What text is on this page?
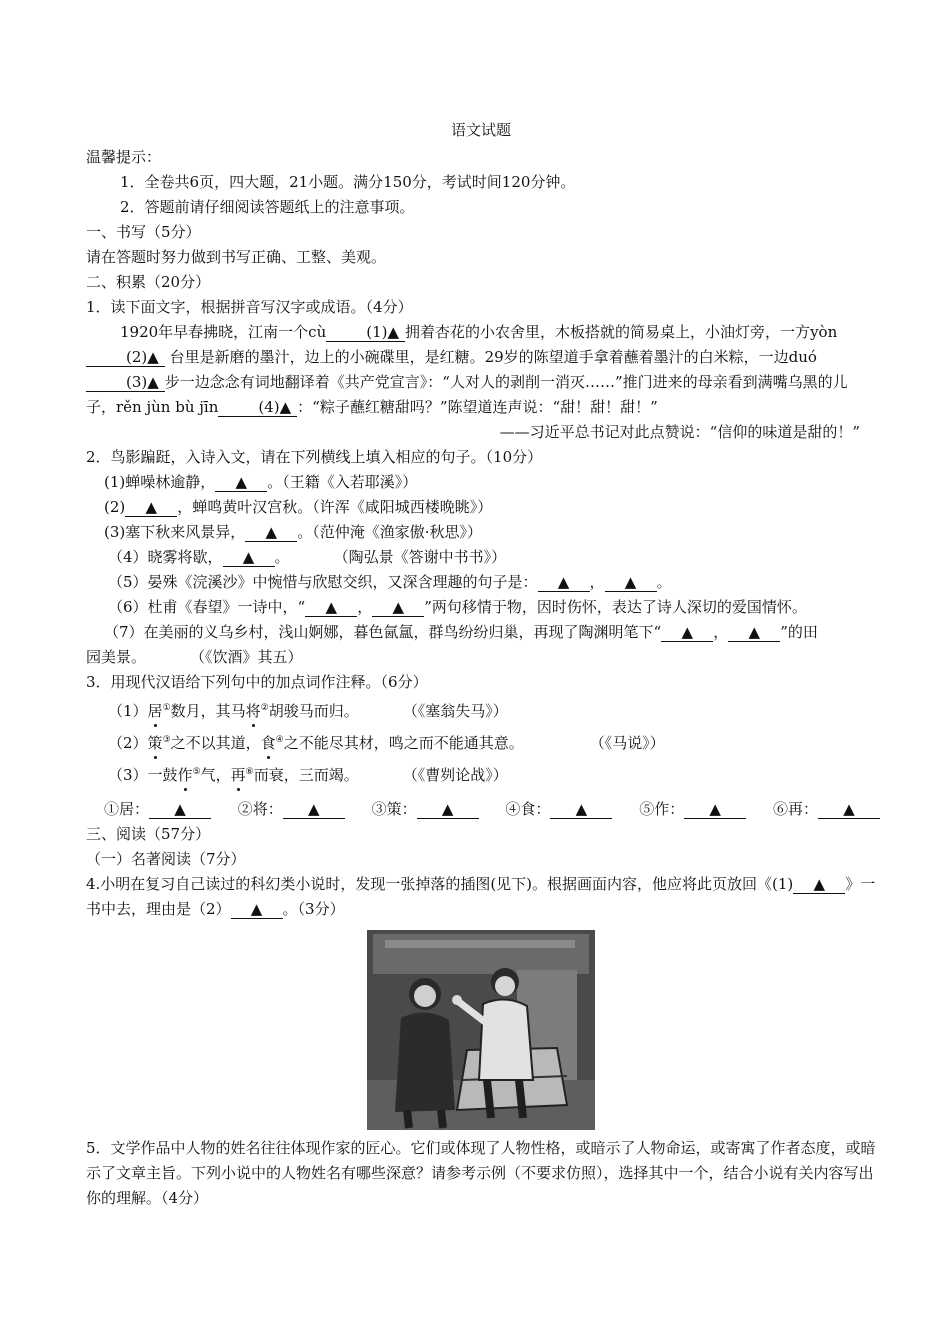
语文试题
温馨提示：
1．全卷共6页，四大题，21小题。满分150分，考试时间120分钟。
2．答题前请仔细阅读答题纸上的注意事项。
一、书写（5分）
请在答题时努力做到书写正确、工整、美观。
二、积累（20分）
1．读下面文字，根据拼音写汉字或成语。（4分）
1920年早春拂晓，江南一个cù	(1)▲ 拥着杏花的小农舍里，木板搭就的简易桌上，小油灯旁，一方yòn(2)▲ 台里是新磨的墨汁，边上的小碗碟里，是红糖。29岁的陈望道手拿着蘸着墨汁的白米粽，一边duó(3)▲ 步一边念念有词地翻译着《共产党宣言》：“人对人的剥削一消灭……”推门进来的母亲看到满嘴乌黑的儿子，rěn jùn bù jīn	(4)▲ ：“粽子蘸红糖甜吗？”陈望道连声说：“甜！甜！甜！”
——习近平总书记对此点赞说：“信仰的味道是甜的！”
2．鸟影蹁跹，入诗入文，请在下列横线上填入相应的句子。（10分）
(1)蝉噪林逾静， ▲ 。（王籍《入若耶溪》）
(2) ▲ ，蝉鸣黄叶汉宫秋。（许浑《咸阳城西楼晚眺》）
(3)塞下秋来风景异， ▲ 。（范仲淹《渔家傲·秋思》）
（4）晓雾将歇， ▲ 。	（陶弘景《答谢中书书》）
（5）晏殊《浣溪沙》中惋惜与欣慰交织，又深含理趣的句子是： ▲ ， ▲ 。
（6）杜甫《春望》一诗中，“ ▲ ， ▲ ”两句移情于物，因时伤怀，表达了诗人深切的爱国情怀。
（7）在美丽的义乌乡村，浅山婀娜，暮色氤氲，群鸟纷纷归巢，再现了陶渊明笔下“ ▲ ， ▲ ”的田
园美景。	（《饮酒》其五）
3．用现代汉语给下列句中的加点词作注释。（6分）
（1）居①数月，其马将②胡骏马而归。	（《塞翁失马》）
（2）策③之不以其道，食④之不能尽其材，鸣之而不能通其意。	（《马说》）
（3）一鼓作⑤气，再⑥而衰，三而竭。	（《曹刿论战》）
①居： ▲	②将： ▲	③策： ▲	④食： ▲	⑤作： ▲	⑥再： ▲
三、阅读（57分）
（一）名著阅读（7分）
4.小明在复习自己读过的科幻类小说时，发现一张掉落的插图(见下)。根据画面内容，他应将此页放回《(1) ▲ 》一书中去，理由是（2） ▲ 。（3分）
5．文学作品中人物的姓名往往体现作家的匠心。它们或体现了人物性格，或暗示了人物命运，或寄寓了作者态度，或暗示了文章主旨。下列小说中的人物姓名有哪些深意？请参考示例（不要求仿照），选择其中一个，结合小说有关内容写出你的理解。（4分）
